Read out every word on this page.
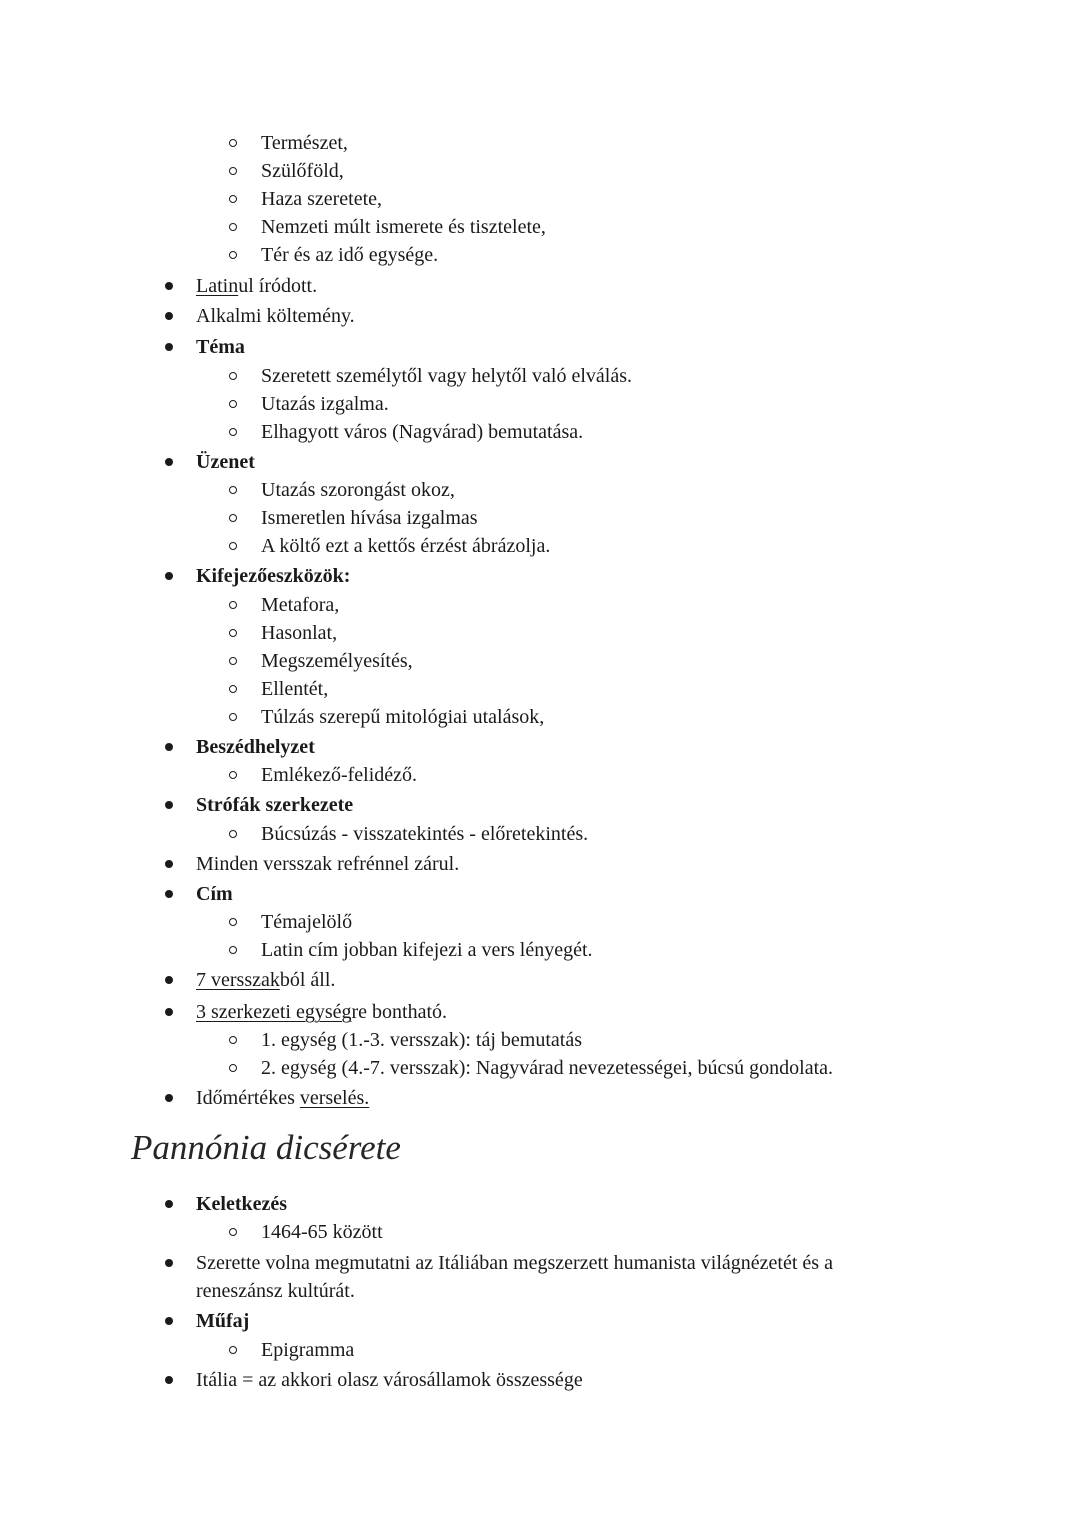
Természet,
Szülőföld,
Haza szeretete,
Nemzeti múlt ismerete és tisztelete,
Tér és az idő egysége.
Latinul íródott.
Alkalmi költemény.
Téma
Szeretett személytől vagy helytől való elválás.
Utazás izgalma.
Elhagyott város (Nagvárad) bemutatása.
Üzenet
Utazás szorongást okoz,
Ismeretlen hívása izgalmas
A költő ezt a kettős érzést ábrázolja.
Kifejezőeszközök:
Metafora,
Hasonlat,
Megszemélyesítés,
Ellentét,
Túlzás szerepű mitológiai utalások,
Beszédhelyzet
Emlékező-felidéző.
Strófák szerkezete
Búcsúzás - visszatekintés - előretekintés.
Minden versszak refrénnel zárul.
Cím
Témajelölő
Latin cím jobban kifejezi a vers lényegét.
7 versszakból áll.
3 szerkezeti egységre bontható.
1. egység (1.-3. versszak): táj bemutatás
2. egység (4.-7. versszak): Nagyvárad nevezetességei, búcsú gondolata.
Időmértékes verselés.
Pannónia dicsérete
Keletkezés
1464-65 között
Szerette volna megmutatni az Itáliában megszerzett humanista világnézetét és a
reneszánsz kultúrát.
Műfaj
Epigramma
Itália = az akkori olasz városállamok összessége
